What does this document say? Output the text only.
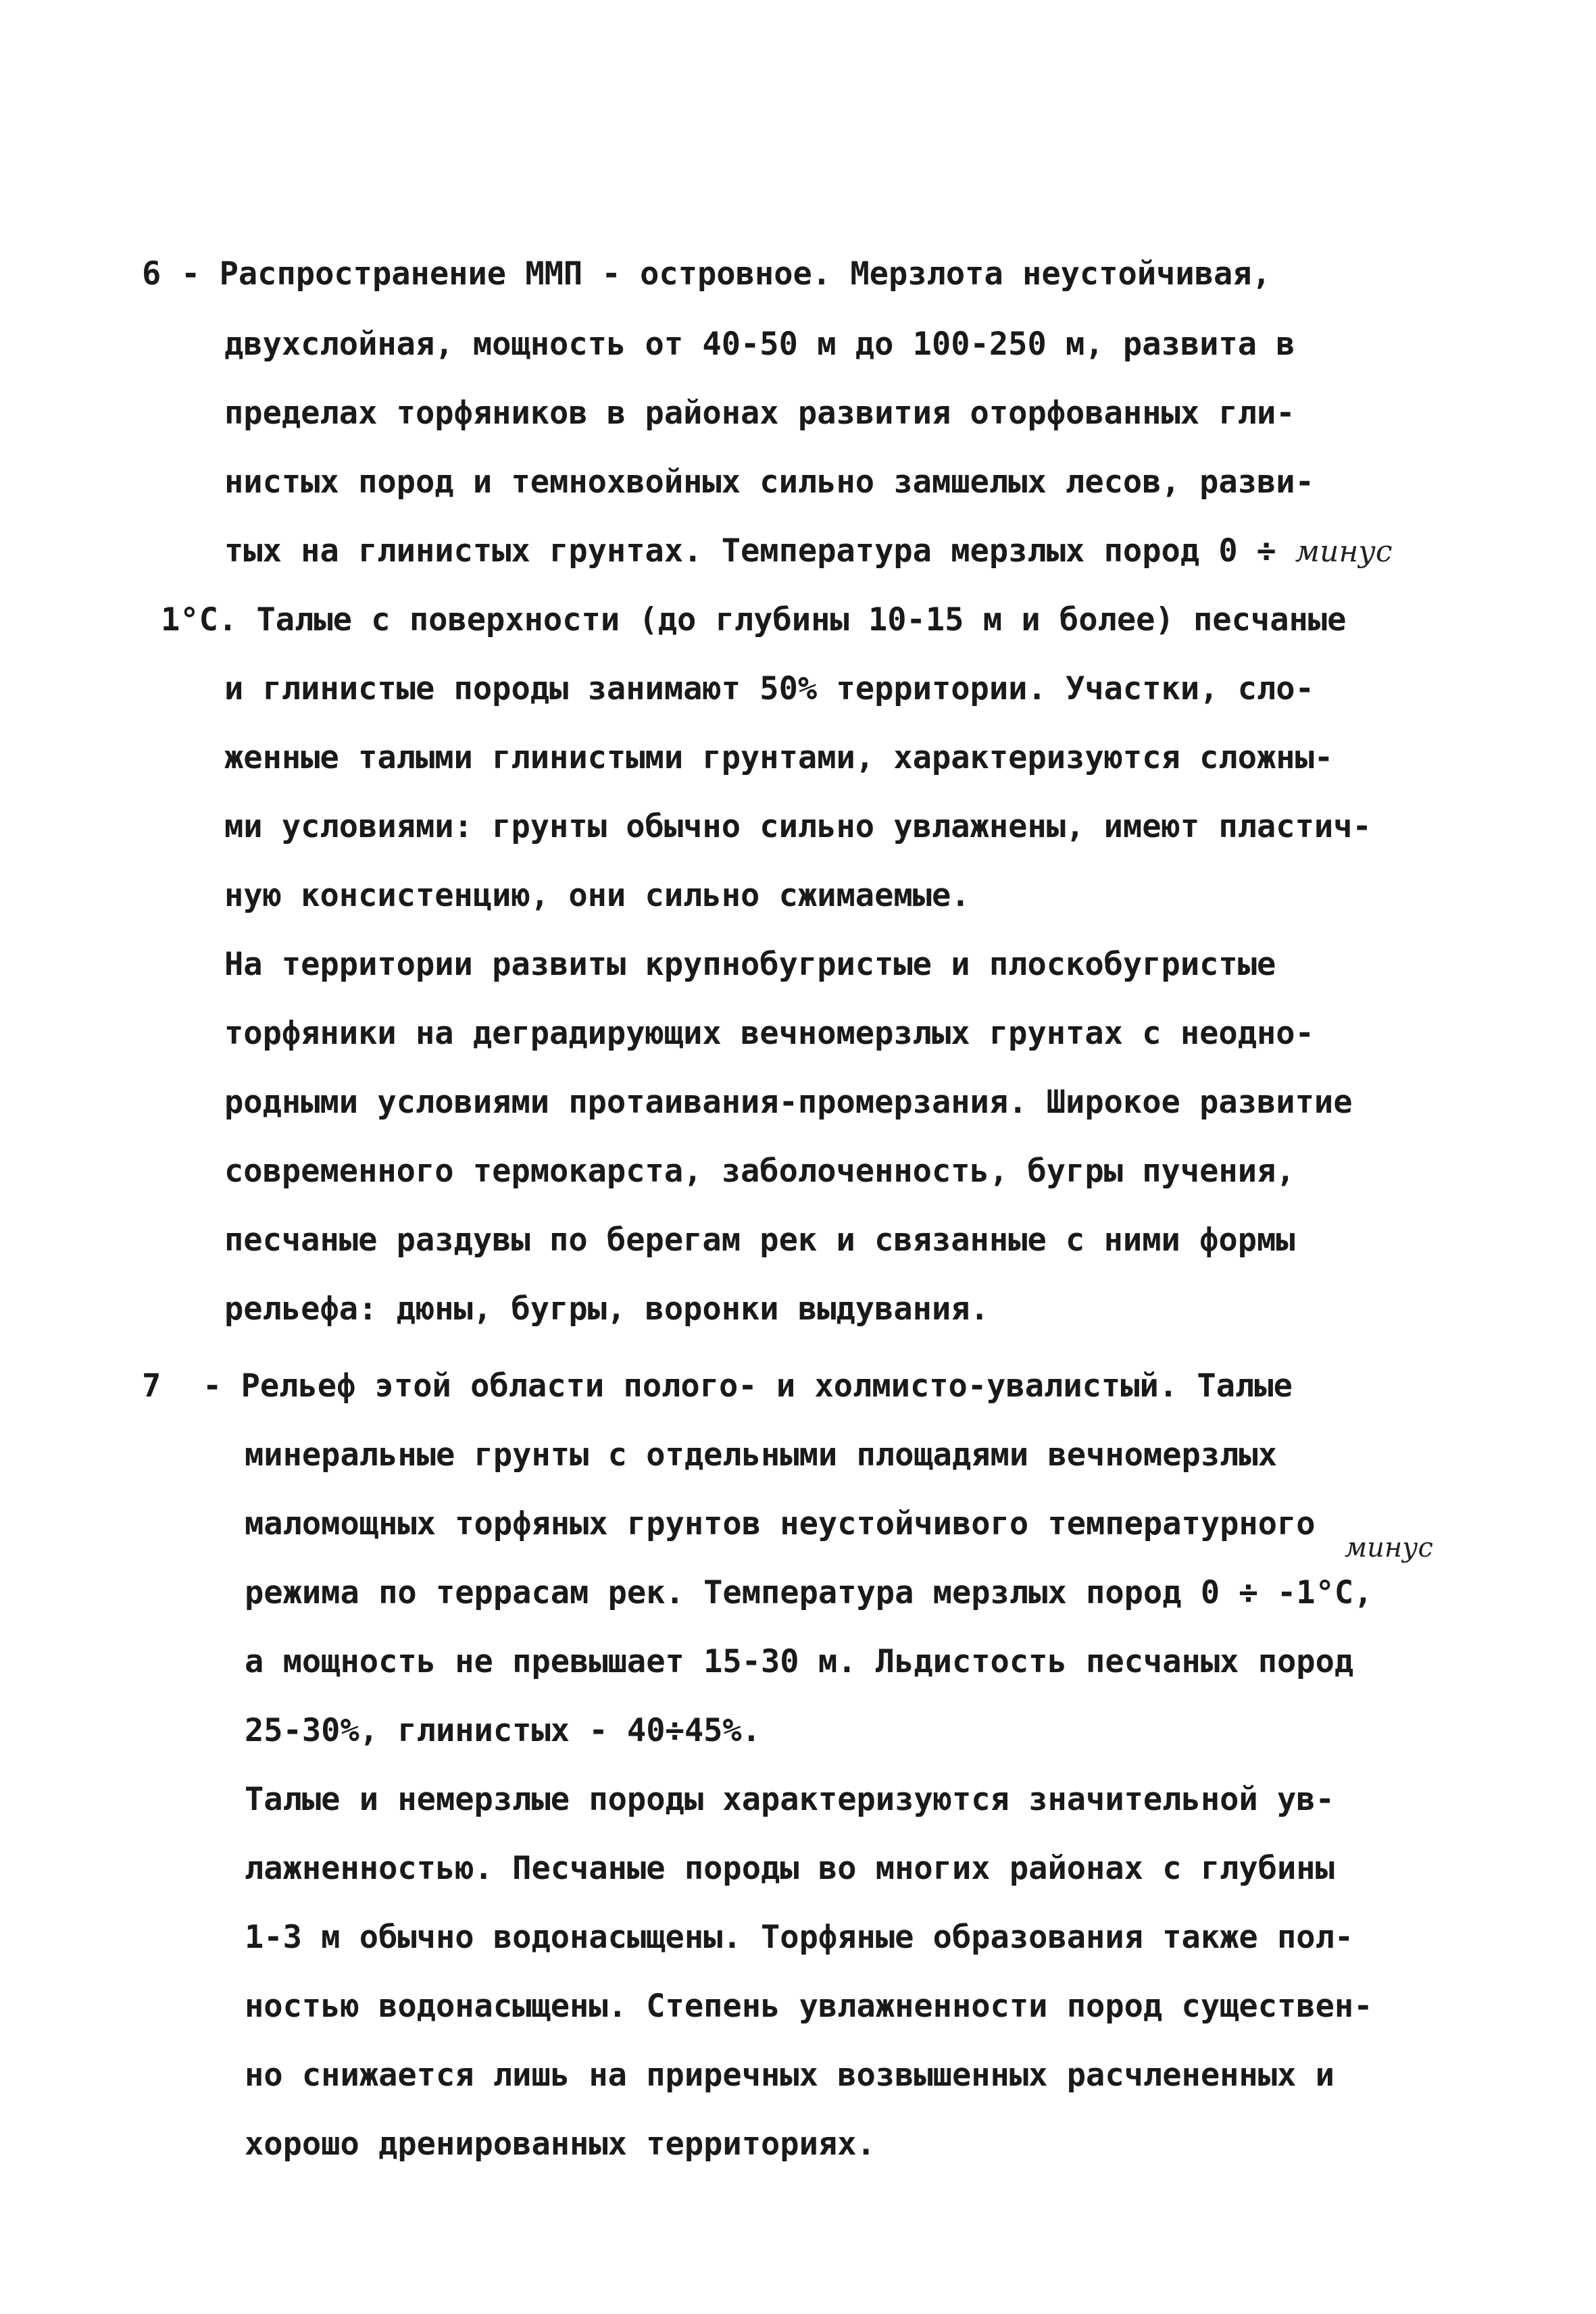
6 - Распространение ММП - островное. Мерзлота неустойчивая,
двухслойная, мощность от 40-50 м до 100-250 м, развита в
пределах торфяников в районах развития оторфованных гли-
нистых пород и темнохвойных сильно замшелых лесов, разви-
тых на глинистых грунтах. Температура мерзлых пород 0 ÷ минус
1°С. Талые с поверхности (до глубины 10-15 м и более) песчаные
и глинистые породы занимают 50% территории. Участки, сло-
женные талыми глинистыми грунтами, характеризуются сложны-
ми условиями: грунты обычно сильно увлажнены, имеют пластич-
ную консистенцию, они сильно сжимаемые.
На территории развиты крупнобугристые и плоскобугристые
торфяники на деградирующих вечномерзлых грунтах с неодно-
родными условиями протаивания-промерзания. Широкое развитие
современного термокарста, заболоченность, бугры пучения,
песчаные раздувы по берегам рек и связанные с ними формы
рельефа: дюны, бугры, воронки выдувания.
7 - Рельеф этой области полого- и холмисто-увалистый. Талые
минеральные грунты с отдельными площадями вечномерзлых
маломощных торфяных грунтов неустойчивого температурного
минус
режима по террасам рек. Температура мерзлых пород 0 ÷ -1°С,
а мощность не превышает 15-30 м. Льдистость песчаных пород
25-30%, глинистых - 40÷45%.
Талые и немерзлые породы характеризуются значительной ув-
лажненностью. Песчаные породы во многих районах с глубины
1-3 м обычно водонасыщены. Торфяные образования также пол-
ностью водонасыщены. Степень увлажненности пород существен-
но снижается лишь на приречных возвышенных расчлененных и
хорошо дренированных территориях.
